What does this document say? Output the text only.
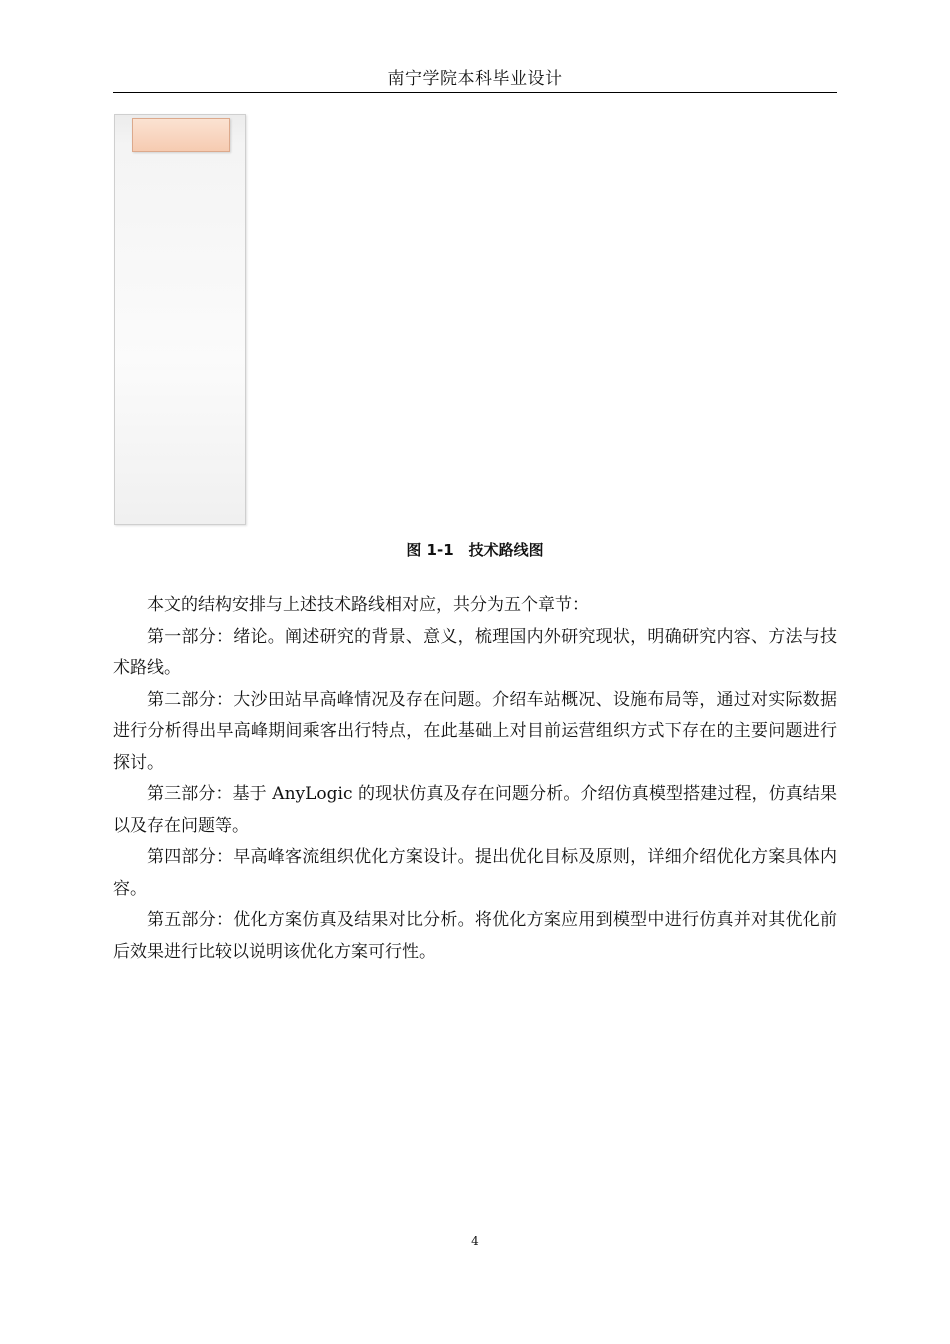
南宁学院本科毕业设计
图 1-1　技术路线图

本文的结构安排与上述技术路线相对应，共分为五个章节：

第一部分：绪论。阐述研究的背景、意义，梳理国内外研究现状，明确研究内容、方法与技术路线。

第二部分：大沙田站早高峰情况及存在问题。介绍车站概况、设施布局等，通过对实际数据进行分析得出早高峰期间乘客出行特点，在此基础上对目前运营组织方式下存在的主要问题进行探讨。

第三部分：基于 AnyLogic 的现状仿真及存在问题分析。介绍仿真模型搭建过程，仿真结果以及存在问题等。

第四部分：早高峰客流组织优化方案设计。提出优化目标及原则，详细介绍优化方案具体内容。

第五部分：优化方案仿真及结果对比分析。将优化方案应用到模型中进行仿真并对其优化前后效果进行比较以说明该优化方案可行性。

4
